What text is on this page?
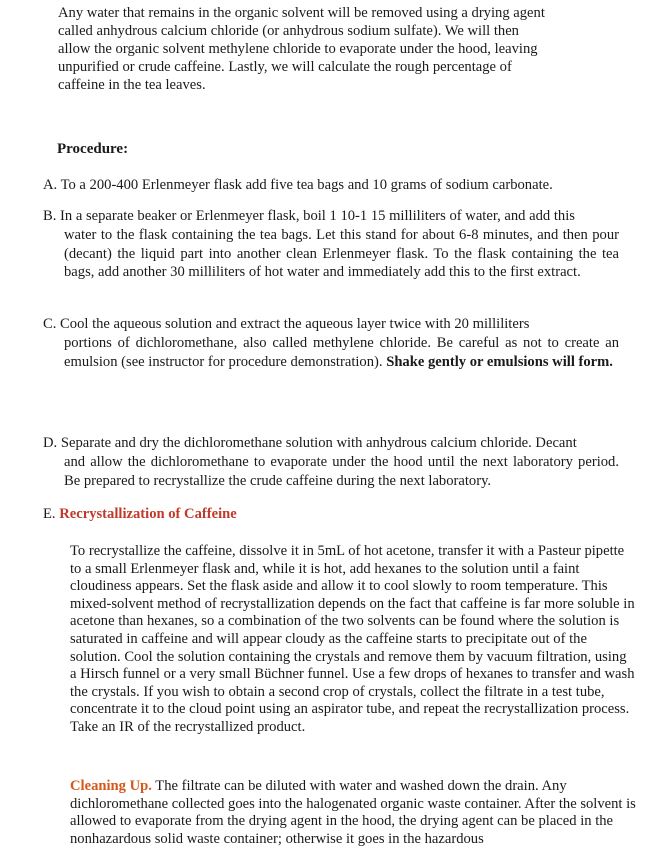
Any water that remains in the organic solvent will be removed using a drying agent called anhydrous calcium chloride (or anhydrous sodium sulfate). We will then allow the organic solvent methylene chloride to evaporate under the hood, leaving unpurified or crude caffeine. Lastly, we will calculate the rough percentage of caffeine in the tea leaves.
Procedure:
A. To a 200-400 Erlenmeyer flask add five tea bags and 10 grams of sodium carbonate.
B. In a separate beaker or Erlenmeyer flask, boil 1 10-1 15 milliliters of water, and add this
water to the flask containing the tea bags. Let this stand for about 6-8 minutes, and then pour (decant) the liquid part into another clean Erlenmeyer flask. To the flask containing the tea bags, add another 30 milliliters of hot water and immediately add this to the first extract.
C. Cool the aqueous solution and extract the aqueous layer twice with 20 milliliters
portions of dichloromethane, also called methylene chloride. Be careful as not to create an emulsion (see instructor for procedure demonstration). Shake gently or emulsions will form.
D. Separate and dry the dichloromethane solution with anhydrous calcium chloride. Decant
and allow the dichloromethane to evaporate under the hood until the next laboratory period. Be prepared to recrystallize the crude caffeine during the next laboratory.
E. Recrystallization of Caffeine
To recrystallize the caffeine, dissolve it in 5mL of hot acetone, transfer it with a Pasteur pipette to a small Erlenmeyer flask and, while it is hot, add hexanes to the solution until a faint cloudiness appears. Set the flask aside and allow it to cool slowly to room temperature. This mixed-solvent method of recrystallization depends on the fact that caffeine is far more soluble in acetone than hexanes, so a combination of the two solvents can be found where the solution is saturated in caffeine and will appear cloudy as the caffeine starts to precipitate out of the solution. Cool the solution containing the crystals and remove them by vacuum filtration, using a Hirsch funnel or a very small Büchner funnel. Use a few drops of hexanes to transfer and wash the crystals. If you wish to obtain a second crop of crystals, collect the filtrate in a test tube, concentrate it to the cloud point using an aspirator tube, and repeat the recrystallization process. Take an IR of the recrystallized product.
Cleaning Up. The filtrate can be diluted with water and washed down the drain. Any dichloromethane collected goes into the halogenated organic waste container. After the solvent is allowed to evaporate from the drying agent in the hood, the drying agent can be placed in the nonhazardous solid waste container; otherwise it goes in the hazardous
